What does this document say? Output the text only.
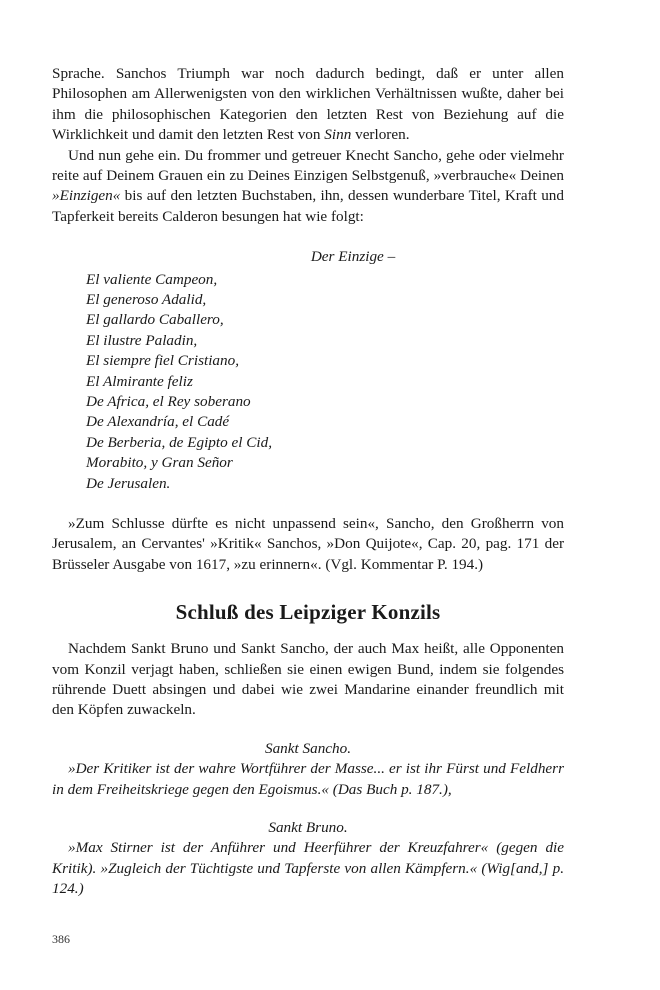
Sprache. Sanchos Triumph war noch dadurch bedingt, daß er unter allen Philosophen am Allerwenigsten von den wirklichen Verhältnissen wußte, daher bei ihm die philosophischen Kategorien den letzten Rest von Beziehung auf die Wirklichkeit und damit den letzten Rest von Sinn verloren.

Und nun gehe ein. Du frommer und getreuer Knecht Sancho, gehe oder vielmehr reite auf Deinem Grauen ein zu Deines Einzigen Selbstgenuß, »verbrauche« Deinen »Einzigen« bis auf den letzten Buchstaben, ihn, dessen wunderbare Titel, Kraft und Tapferkeit bereits Calderon besungen hat wie folgt:

Der Einzige –
El valiente Campeon,
El generoso Adalid,
El gallardo Caballero,
El ilustre Paladin,
El siempre fiel Cristiano,
El Almirante feliz
De Africa, el Rey soberano
De Alexandría, el Cadé
De Berberia, de Egipto el Cid,
Morabito, y Gran Señor
De Jerusalen.

»Zum Schlusse dürfte es nicht unpassend sein«, Sancho, den Großherrn von Jerusalem, an Cervantes' »Kritik« Sanchos, »Don Quijote«, Cap. 20, pag. 171 der Brüsseler Ausgabe von 1617, »zu erinnern«. (Vgl. Kommentar P. 194.)

Schluß des Leipziger Konzils

Nachdem Sankt Bruno und Sankt Sancho, der auch Max heißt, alle Opponenten vom Konzil verjagt haben, schließen sie einen ewigen Bund, indem sie folgendes rührende Duett absingen und dabei wie zwei Mandarine einander freundlich mit den Köpfen zuwackeln.

Sankt Sancho.

»Der Kritiker ist der wahre Wortführer der Masse... er ist ihr Fürst und Feldherr in dem Freiheitskriege gegen den Egoismus.« (Das Buch p. 187.),

Sankt Bruno.

»Max Stirner ist der Anführer und Heerführer der Kreuzfahrer« (gegen die Kritik). »Zugleich der Tüchtigste und Tapferste von allen Kämpfern.« (Wig[and,] p. 124.)

386
